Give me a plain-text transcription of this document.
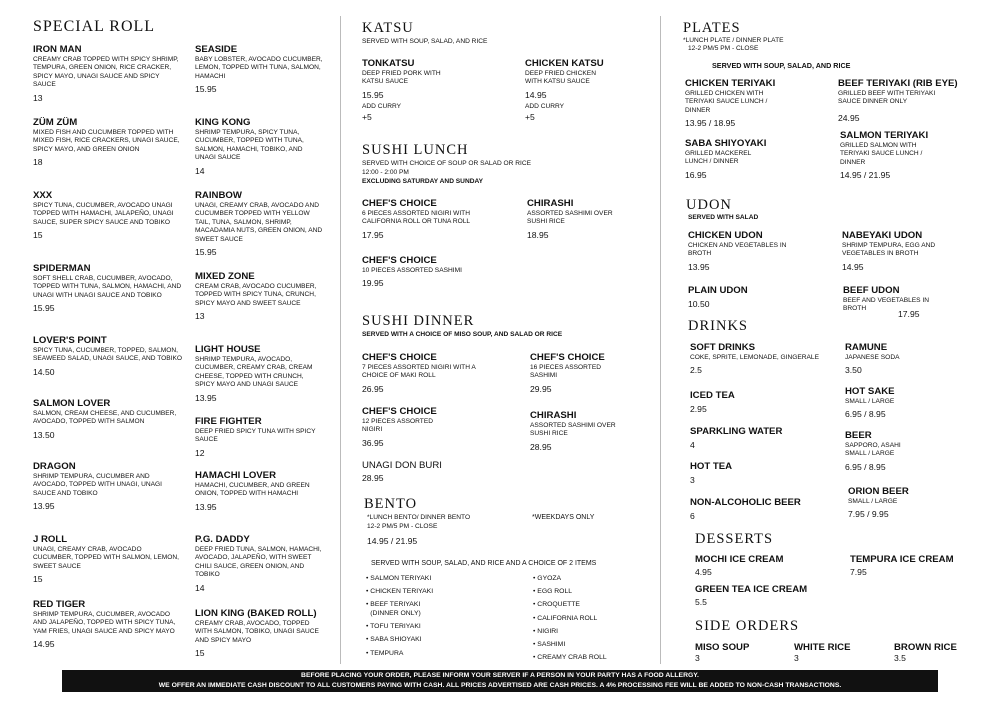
SPECIAL ROLL
IRON MAN
CREAMY CRAB TOPPED WITH SPICY SHRIMP, TEMPURA, GREEN ONION, RICE CRACKER, SPICY MAYO, UNAGI SAUCE AND SPICY SAUCE
13
ZÜM ZÜM
MIXED FISH AND CUCUMBER TOPPED WITH MIXED FISH, RICE CRACKERS, UNAGI SAUCE, SPICY MAYO, AND GREEN ONION
18
XXX
SPICY TUNA, CUCUMBER, AVOCADO UNAGI TOPPED WITH HAMACHI, JALAPEÑO, UNAGI SAUCE, SUPER SPICY SAUCE AND TOBIKO
15
SPIDERMAN
SOFT SHELL CRAB, CUCUMBER, AVOCADO, TOPPED WITH TUNA, SALMON, HAMACHI, AND UNAGI WITH UNAGI SAUCE AND TOBIKO
15.95
LOVER'S POINT
SPICY TUNA, CUCUMBER, TOPPED, SALMON, SEAWEED SALAD, UNAGI SAUCE, AND TOBIKO
14.50
SALMON LOVER
SALMON, CREAM CHEESE, AND CUCUMBER, AVOCADO, TOPPED WITH SALMON
13.50
DRAGON
SHRIMP TEMPURA, CUCUMBER AND AVOCADO, TOPPED WITH UNAGI, UNAGI SAUCE AND TOBIKO
13.95
J ROLL
UNAGI, CREAMY CRAB, AVOCADO CUCUMBER, TOPPED WITH SALMON, LEMON, SWEET SAUCE
15
RED TIGER
SHRIMP TEMPURA, CUCUMBER, AVOCADO AND JALAPEÑO, TOPPED WITH SPICY TUNA, YAM FRIES, UNAGI SAUCE AND SPICY MAYO
14.95
SEASIDE
BABY LOBSTER, AVOCADO CUCUMBER, LEMON, TOPPED WITH TUNA, SALMON, HAMACHI
15.95
KING KONG
SHRIMP TEMPURA, SPICY TUNA, CUCUMBER, TOPPED WITH TUNA, SALMON, HAMACHI, TOBIKO, AND UNAGI SAUCE
14
RAINBOW
UNAGI, CREAMY CRAB, AVOCADO AND CUCUMBER TOPPED WITH YELLOW TAIL, TUNA, SALMON, SHRIMP, MACADAMIA NUTS, GREEN ONION, AND SWEET SAUCE
15.95
MIXED ZONE
CREAM CRAB, AVOCADO CUCUMBER, TOPPED WITH SPICY TUNA, CRUNCH, SPICY MAYO AND SWEET SAUCE
13
LIGHT HOUSE
SHRIMP TEMPURA, AVOCADO, CUCUMBER, CREAMY CRAB, CREAM CHEESE, TOPPED WITH CRUNCH, SPICY MAYO AND UNAGI SAUCE
13.95
FIRE FIGHTER
DEEP FRIED SPICY TUNA WITH SPICY SAUCE
12
HAMACHI LOVER
HAMACHI, CUCUMBER, AND GREEN ONION, TOPPED WITH HAMACHI
13.95
P.G. DADDY
DEEP FRIED TUNA, SALMON, HAMACHI, AVOCADO, JALAPEÑO, WITH SWEET CHILI SAUCE, GREEN ONION, AND TOBIKO
14
LION KING (BAKED ROLL)
CREAMY CRAB, AVOCADO, TOPPED WITH SALMON, TOBIKO, UNAGI SAUCE AND SPICY MAYO
15
KATSU
SERVED WITH SOUP, SALAD, AND RICE
TONKATSU
DEEP FRIED PORK WITH KATSU SAUCE
15.95
ADD CURRY
+5
CHICKEN KATSU
DEEP FRIED CHICKEN WITH KATSU SAUCE
14.95
ADD CURRY
+5
SUSHI LUNCH
SERVED WITH CHOICE OF SOUP OR SALAD OR RICE
12:00 - 2:00 PM
EXCLUDING SATURDAY AND SUNDAY
CHEF'S CHOICE
6 PIECES ASSORTED NIGIRI WITH CALIFORNIA ROLL OR TUNA ROLL
17.95
CHIRASHI
ASSORTED SASHIMI OVER SUSHI RICE
18.95
CHEF'S CHOICE
10 PIECES ASSORTED SASHIMI
19.95
SUSHI DINNER
SERVED WITH A CHOICE OF MISO SOUP, AND SALAD OR RICE
CHEF'S CHOICE
7 PIECES ASSORTED NIGIRI WITH A CHOICE OF MAKI ROLL
26.95
CHEF'S CHOICE
16 PIECES ASSORTED SASHIMI
29.95
CHEF'S CHOICE
12 PIECES ASSORTED NIGIRI
36.95
CHIRASHI
ASSORTED SASHIMI OVER SUSHI RICE
28.95
UNAGI DON BURI
28.95
BENTO
*LUNCH BENTO/ DINNER BENTO
12-2 PM/5 PM - CLOSE
14.95 / 21.95
*WEEKDAYS ONLY
SERVED WITH SOUP, SALAD, AND RICE AND A CHOICE OF 2 ITEMS
• SALMON TERIYAKI
• CHICKEN TERIYAKI
• BEEF TERIYAKI (DINNER ONLY)
• TOFU TERIYAKI
• SABA SHIOYAKI
• TEMPURA
• GYOZA
• EGG ROLL
• CROQUETTE
• CALIFORNIA ROLL
• NIGIRI
• SASHIMI
• CREAMY CRAB ROLL
PLATES
*LUNCH PLATE / DINNER PLATE
12-2 PM/5 PM - CLOSE
SERVED WITH SOUP, SALAD, AND RICE
CHICKEN TERIYAKI
GRILLED CHICKEN WITH TERIYAKI SAUCE LUNCH / DINNER
13.95 / 18.95
BEEF TERIYAKI (RIB EYE)
GRILLED BEEF WITH TERIYAKI SAUCE DINNER ONLY
24.95
SABA SHIYOYAKI
GRILLED MACKEREL LUNCH / DINNER
16.95
SALMON TERIYAKI
GRILLED SALMON WITH TERIYAKI SAUCE LUNCH / DINNER
14.95 / 21.95
UDON
SERVED WITH SALAD
CHICKEN UDON
CHICKEN AND VEGETABLES IN BROTH
13.95
NABEYAKI UDON
SHRIMP TEMPURA, EGG AND VEGETABLES IN BROTH
14.95
PLAIN UDON
10.50
BEEF UDON
BEEF AND VEGETABLES IN BROTH
17.95
DRINKS
SOFT DRINKS
COKE, SPRITE, LEMONADE, GINGERALE
2.5
RAMUNE
JAPANESE SODA
3.50
HOT SAKE
SMALL / LARGE
6.95 / 8.95
ICED TEA
2.95
BEER
SAPPORO, ASAHI SMALL / LARGE
6.95 / 8.95
SPARKLING WATER
4
HOT TEA
3
ORION BEER
SMALL / LARGE
7.95 / 9.95
NON-ALCOHOLIC BEER
6
DESSERTS
MOCHI ICE CREAM
4.95
TEMPURA ICE CREAM
7.95
GREEN TEA ICE CREAM
5.5
SIDE ORDERS
MISO SOUP
3
WHITE RICE
3
BROWN RICE
3.5
BEFORE PLACING YOUR ORDER, PLEASE INFORM YOUR SERVER IF A PERSON IN YOUR PARTY HAS A FOOD ALLERGY.
WE OFFER AN IMMEDIATE CASH DISCOUNT TO ALL CUSTOMERS PAYING WITH CASH. ALL PRICES ADVERTISED ARE CASH PRICES. A 4% PROCESSING FEE WILL BE ADDED TO NON-CASH TRANSACTIONS.
